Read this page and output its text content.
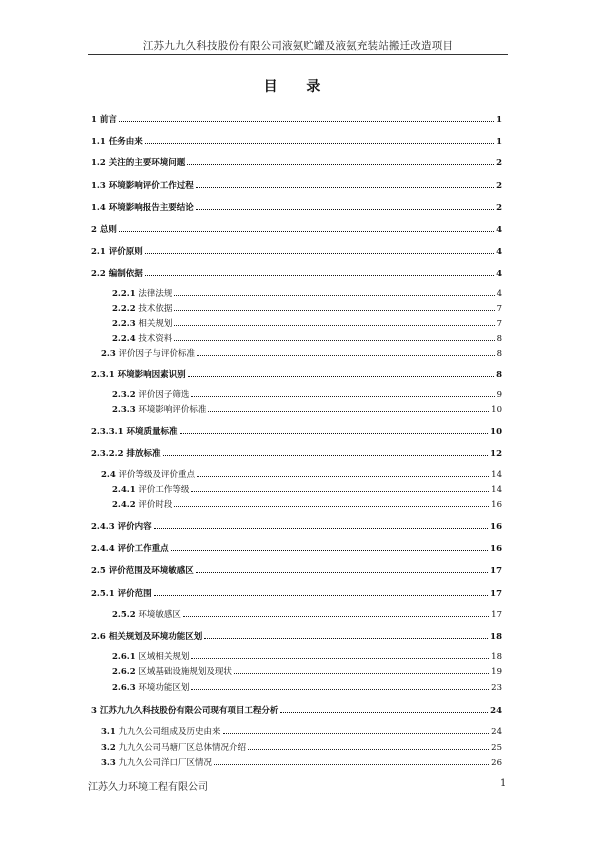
江苏九九久科技股份有限公司液氨贮罐及液氨充装站搬迁改造项目
目 录
1 前言	1
1.1 任务由来	1
1.2 关注的主要环境问题	2
1.3 环境影响评价工作过程	2
1.4 环境影响报告主要结论	2
2 总则	4
2.1 评价原则	4
2.2 编制依据	4
2.2.1 法律法规	4
2.2.2 技术依据	7
2.2.3 相关规划	7
2.2.4 技术资料	8
2.3 评价因子与评价标准	8
2.3.1 环境影响因素识别	8
2.3.2 评价因子筛选	9
2.3.3 环境影响评价标准	10
2.3.3.1 环境质量标准	10
2.3.2.2 排放标准	12
2.4 评价等级及评价重点	14
2.4.1 评价工作等级	14
2.4.2 评价时段	16
2.4.3 评价内容	16
2.4.4 评价工作重点	16
2.5 评价范围及环境敏感区	17
2.5.1 评价范围	17
2.5.2 环境敏感区	17
2.6 相关规划及环境功能区划	18
2.6.1 区域相关规划	18
2.6.2 区域基础设施规划及现状	19
2.6.3 环境功能区划	23
3 江苏九九久科技股份有限公司现有项目工程分析	24
3.1 九九久公司组成及历史由来	24
3.2 九九久公司马塘厂区总体情况介绍	25
3.3 九九久公司洋口厂区情况	26
江苏久力环境工程有限公司	1
